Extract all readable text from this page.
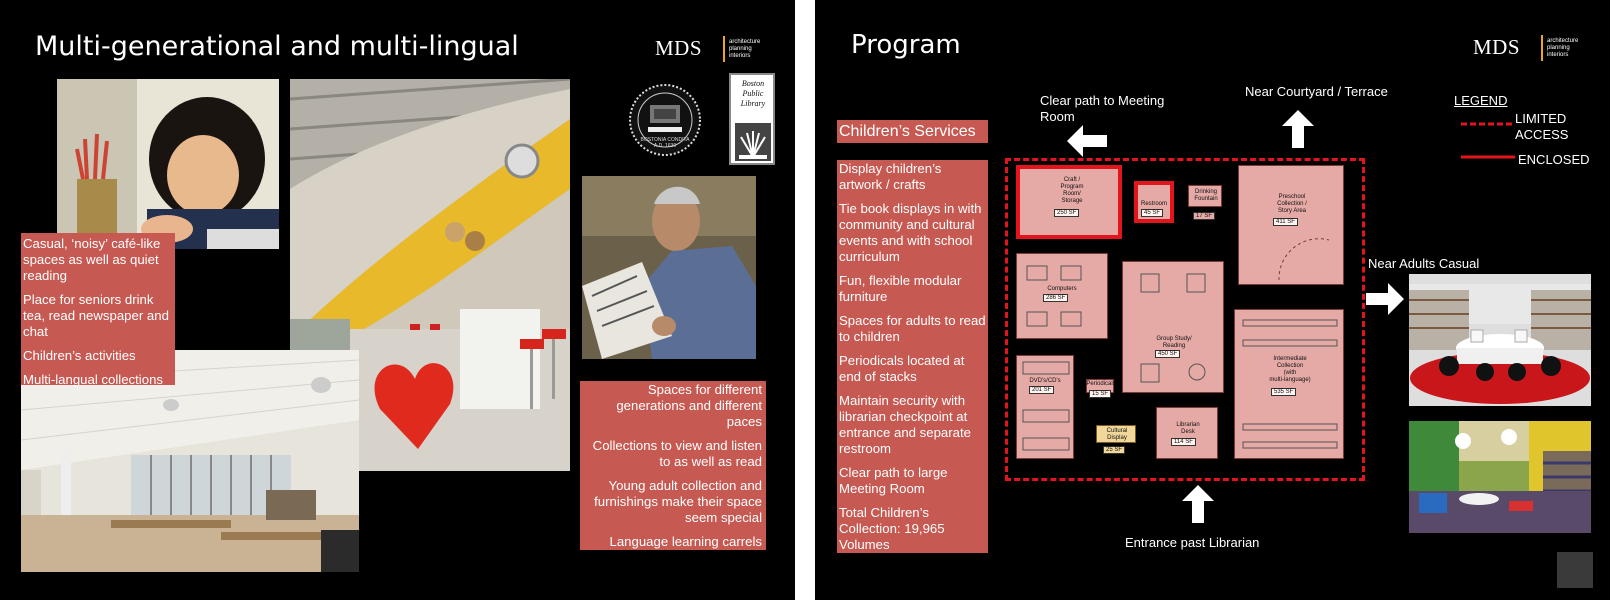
Multi-generational and multi-lingual	MDS	architecture
planning
interiors
BOSTONIA CONDITA A.D. 1630
Boston Public Library

Casual, ‘noisy’ café-like spaces as well as quiet reading

Place for seniors drink tea, read newspaper and chat

Children’s activities

Multi-langual collections

Spaces for different generations and different paces

Collections to view and listen to as well as read

Young adult collection and furnishings make their space seem special

Language learning carrels

Program	MDS	architecture
planning
interiors
Children’s Services

Display children’s artwork / crafts

Tie book displays in with community and cultural events and with school curriculum

Fun, flexible modular furniture

Spaces for adults to read to children

Periodicals located at end of stacks

Maintain security with librarian checkpoint at entrance and separate restroom

Clear path to large Meeting Room

Total Children’s Collection: 19,965 Volumes

Clear path to Meeting Room
Near Courtyard / Terrace
Near Adults Casual
Entrance past Librarian
LEGEND
LIMITED ACCESS
ENCLOSED
Craft /
Program
Room/
Storage
250 SF
Restroom
45 SF
Drinking
Fountain
17 SF
Preschool
Collection /
Story Area
411 SF
Computers
286 SF
Group Study/
Reading
450 SF
Intermediate
Collection
(with
multi-language)
535 SF
DVD's/CD's
201 SF
Periodicals
15 SF
Cultural
Display
25 SF
Librarian
Desk
114 SF
